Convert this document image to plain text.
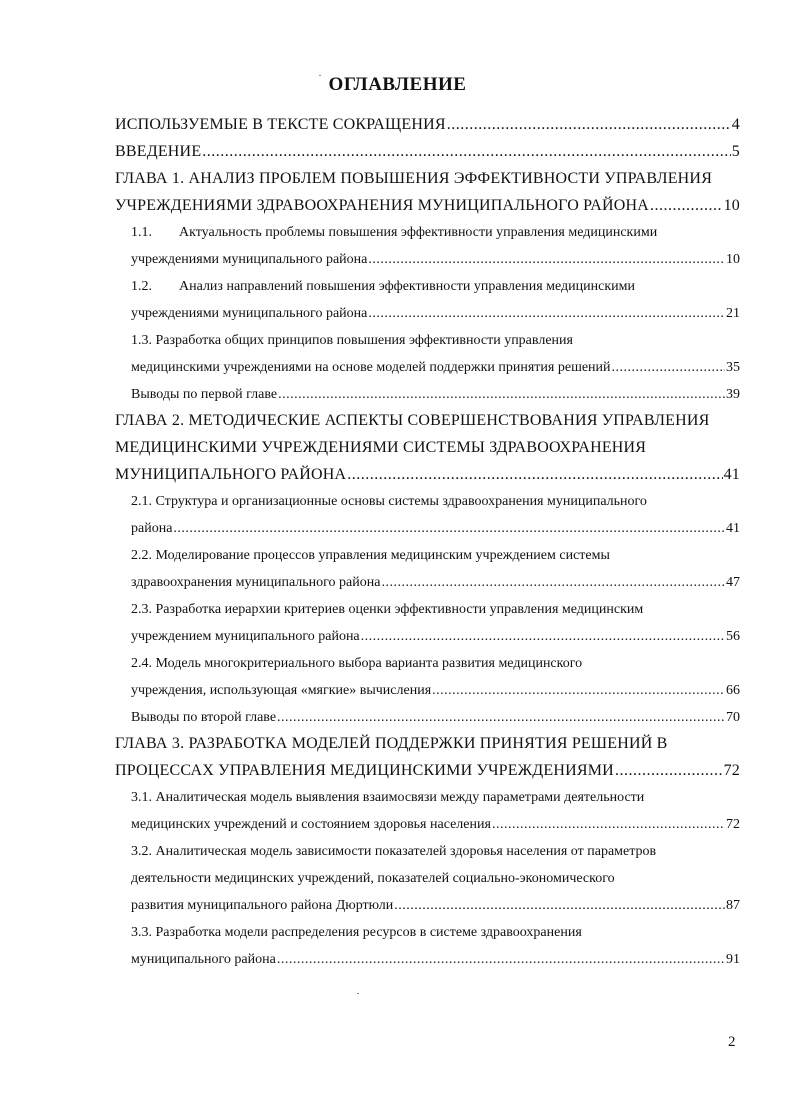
ОГЛАВЛЕНИЕ
ИСПОЛЬЗУЕМЫЕ В ТЕКСТЕ СОКРАЩЕНИЯ .....	4
ВВЕДЕНИЕ .....	5
ГЛАВА 1. АНАЛИЗ ПРОБЛЕМ ПОВЫШЕНИЯ ЭФФЕКТИВНОСТИ УПРАВЛЕНИЯ
УЧРЕЖДЕНИЯМИ ЗДРАВООХРАНЕНИЯ МУНИЦИПАЛЬНОГО РАЙОНА .....	10
1.1.	Актуальность проблемы повышения эффективности управления медицинскими
учреждениями муниципального района .....	10
1.2.	Анализ направлений повышения эффективности управления медицинскими
учреждениями муниципального района .....	21
1.3. Разработка общих принципов повышения эффективности управления
медицинскими учреждениями на основе моделей поддержки принятия решений .....	35
Выводы по первой главе .....	39
ГЛАВА 2. МЕТОДИЧЕСКИЕ АСПЕКТЫ СОВЕРШЕНСТВОВАНИЯ УПРАВЛЕНИЯ
МЕДИЦИНСКИМИ УЧРЕЖДЕНИЯМИ СИСТЕМЫ ЗДРАВООХРАНЕНИЯ
МУНИЦИПАЛЬНОГО РАЙОНА .....	41
2.1. Структура и организационные основы системы здравоохранения муниципального
района .....	41
2.2. Моделирование процессов управления медицинским учреждением системы
здравоохранения муниципального района .....	47
2.3. Разработка иерархии критериев оценки эффективности управления медицинским
учреждением муниципального района .....	56
2.4. Модель многокритериального выбора варианта развития медицинского
учреждения, использующая «мягкие» вычисления .....	66
Выводы по второй главе .....	70
ГЛАВА 3. РАЗРАБОТКА МОДЕЛЕЙ ПОДДЕРЖКИ ПРИНЯТИЯ РЕШЕНИЙ В
ПРОЦЕССАХ УПРАВЛЕНИЯ МЕДИЦИНСКИМИ УЧРЕЖДЕНИЯМИ .....	72
3.1. Аналитическая модель выявления взаимосвязи между параметрами деятельности
медицинских учреждений и состоянием здоровья населения .....	72
3.2. Аналитическая модель зависимости показателей здоровья населения от параметров
деятельности медицинских учреждений, показателей социально-экономического
развития муниципального района Дюртюли .....	87
3.3. Разработка модели распределения ресурсов в системе здравоохранения
муниципального района .....	91
2
